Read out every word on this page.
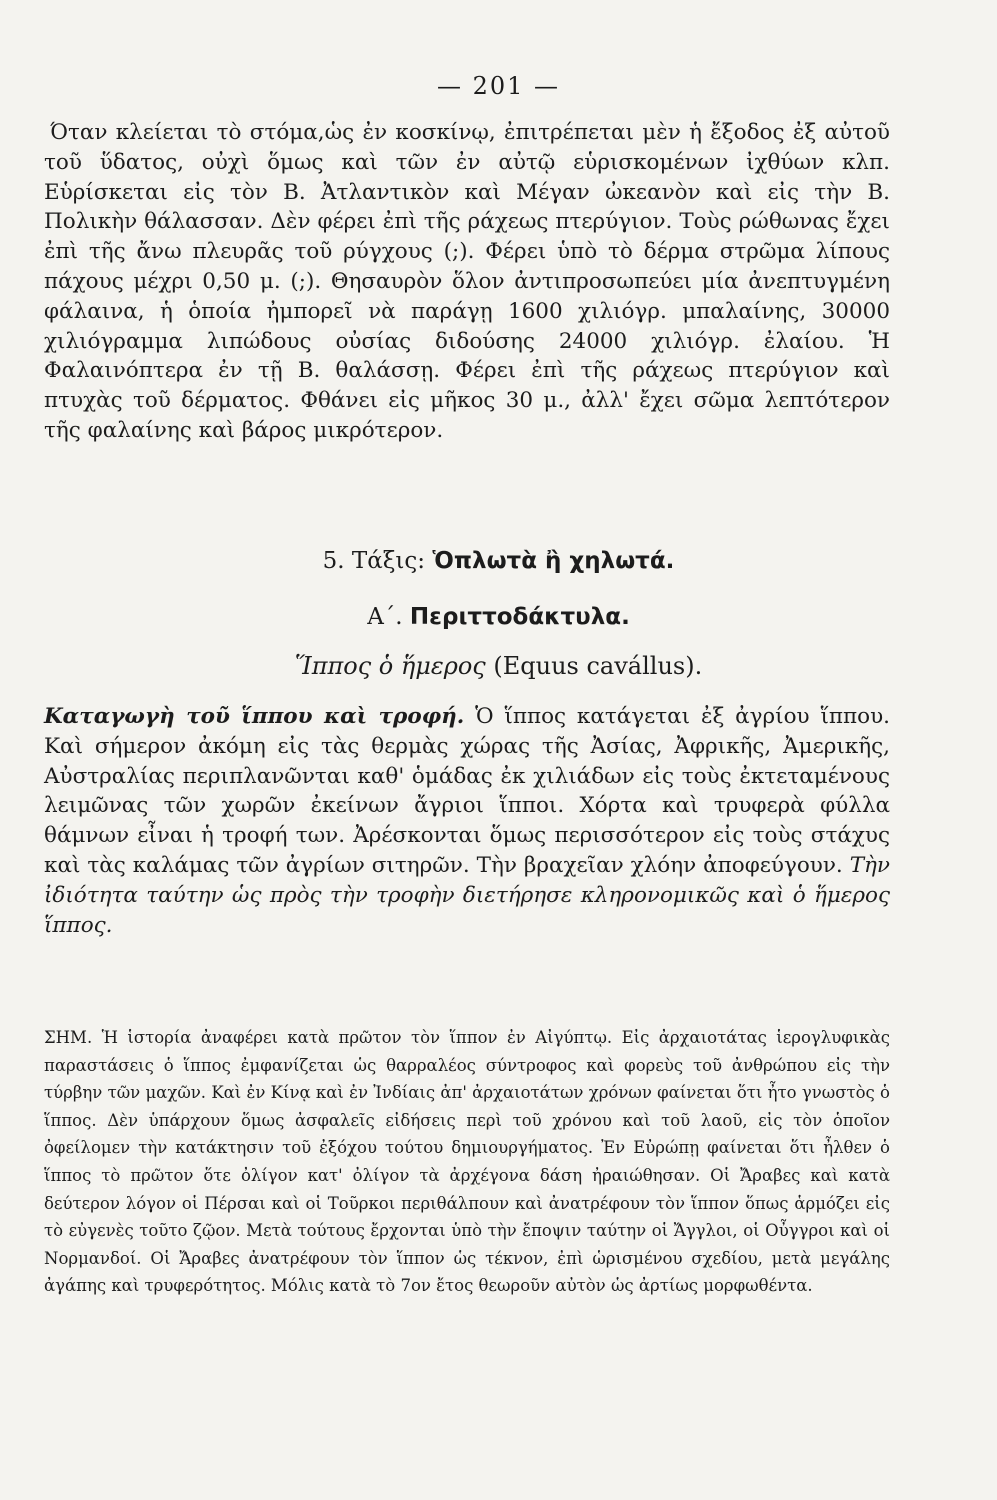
— 201 —

Όταν κλείεται τὸ στόμα,ὡς ἐν κοσκίνῳ, ἐπιτρέπεται μὲν ἡ ἔξοδος ἐξ αὐτοῦ τοῦ ὕδατος, οὐχὶ ὅμως καὶ τῶν ἐν αὐτῷ εὑρισκομένων ἰχθύων κλπ. Εὑρίσκεται εἰς τὸν Β. Ἀτλαντικὸν καὶ Μέγαν ὠκεανὸν καὶ εἰς τὴν Β. Πολικὴν θάλασσαν. Δὲν φέρει ἐπὶ τῆς ράχεως πτερύγιον. Τοὺς ρώθωνας ἔχει ἐπὶ τῆς ἄνω πλευρᾶς τοῦ ρύγχους (;). Φέρει ὑπὸ τὸ δέρμα στρῶμα λίπους πάχους μέχρι 0,50 μ. (;). Θησαυρὸν ὅλον ἀντιπροσωπεύει μία ἀνεπτυγμένη φάλαινα, ἡ ὁποία ἠμπορεῖ νὰ παράγῃ 1600 χιλιόγρ. μπαλαίνης, 30000 χιλιόγραμμα λιπώδους οὐσίας διδούσης 24000 χιλιόγρ. ἐλαίου. Ἡ Φαλαινόπτερα ἐν τῇ Β. θαλάσσῃ. Φέρει ἐπὶ τῆς ράχεως πτερύγιον καὶ πτυχὰς τοῦ δέρματος. Φθάνει εἰς μῆκος 30 μ., ἀλλ' ἔχει σῶμα λεπτότερον τῆς φαλαίνης καὶ βάρος μικρότερον.

5. Τάξις: Ὁπλωτὰ ἢ χηλωτά.
Α΄. Περιττοδάκτυλα.
Ἵππος ὁ ἥμερος (Equus cavállus).

Καταγωγὴ τοῦ ἵππου καὶ τροφή. Ὁ ἵππος κατάγεται ἐξ ἀγρίου ἵππου. Καὶ σήμερον ἀκόμη εἰς τὰς θερμὰς χώρας τῆς Ἀσίας, Ἀφρικῆς, Ἀμερικῆς, Αὐστραλίας περιπλανῶνται καθ' ὁμάδας ἐκ χιλιάδων εἰς τοὺς ἐκτεταμένους λειμῶνας τῶν χωρῶν ἐκείνων ἄγριοι ἵπποι. Χόρτα καὶ τρυφερὰ φύλλα θάμνων εἶναι ἡ τροφή των. Ἀρέσκονται ὅμως περισσότερον εἰς τοὺς στάχυς καὶ τὰς καλάμας τῶν ἀγρίων σιτηρῶν. Τὴν βραχεῖαν χλόην ἀποφεύγουν. Τὴν ἰδιότητα ταύτην ὡς πρὸς τὴν τροφὴν διετήρησε κληρονομικῶς καὶ ὁ ἥμερος ἵππος.

ΣΗΜ. Ἡ ἱστορία ἀναφέρει κατὰ πρῶτον τὸν ἵππον ἐν Αἰγύπτῳ. Εἰς ἀρχαιοτάτας ἱερογλυφικὰς παραστάσεις ὁ ἵππος ἐμφανίζεται ὡς θαρραλέος σύντροφος καὶ φορεὺς τοῦ ἀνθρώπου εἰς τὴν τύρβην τῶν μαχῶν. Καὶ ἐν Κίνᾳ καὶ ἐν Ἰνδίαις ἀπ' ἀρχαιοτάτων χρόνων φαίνεται ὅτι ἦτο γνωστὸς ὁ ἵππος. Δὲν ὑπάρχουν ὅμως ἀσφαλεῖς εἰδήσεις περὶ τοῦ χρόνου καὶ τοῦ λαοῦ, εἰς τὸν ὁποῖον ὀφείλομεν τὴν κατάκτησιν τοῦ ἐξόχου τούτου δημιουργήματος. Ἐν Εὐρώπῃ φαίνεται ὅτι ἦλθεν ὁ ἵππος τὸ πρῶτον ὅτε ὀλίγον κατ' ὀλίγον τὰ ἀρχέγονα δάση ἠραιώθησαν. Οἱ Ἄραβες καὶ κατὰ δεύτερον λόγον οἱ Πέρσαι καὶ οἱ Τοῦρκοι περιθάλπουν καὶ ἀνατρέφουν τὸν ἵππον ὅπως ἁρμόζει εἰς τὸ εὐγενὲς τοῦτο ζῷον. Μετὰ τούτους ἔρχονται ὑπὸ τὴν ἔποψιν ταύτην οἱ Ἄγγλοι, οἱ Οὖγγροι καὶ οἱ Νορμανδοί. Οἱ Ἄραβες ἀνατρέφουν τὸν ἵππον ὡς τέκνον, ἐπὶ ὡρισμένου σχεδίου, μετὰ μεγάλης ἀγάπης καὶ τρυφερότητος. Μόλις κατὰ τὸ 7ον ἔτος θεωροῦν αὐτὸν ὡς ἀρτίως μορφωθέντα.
